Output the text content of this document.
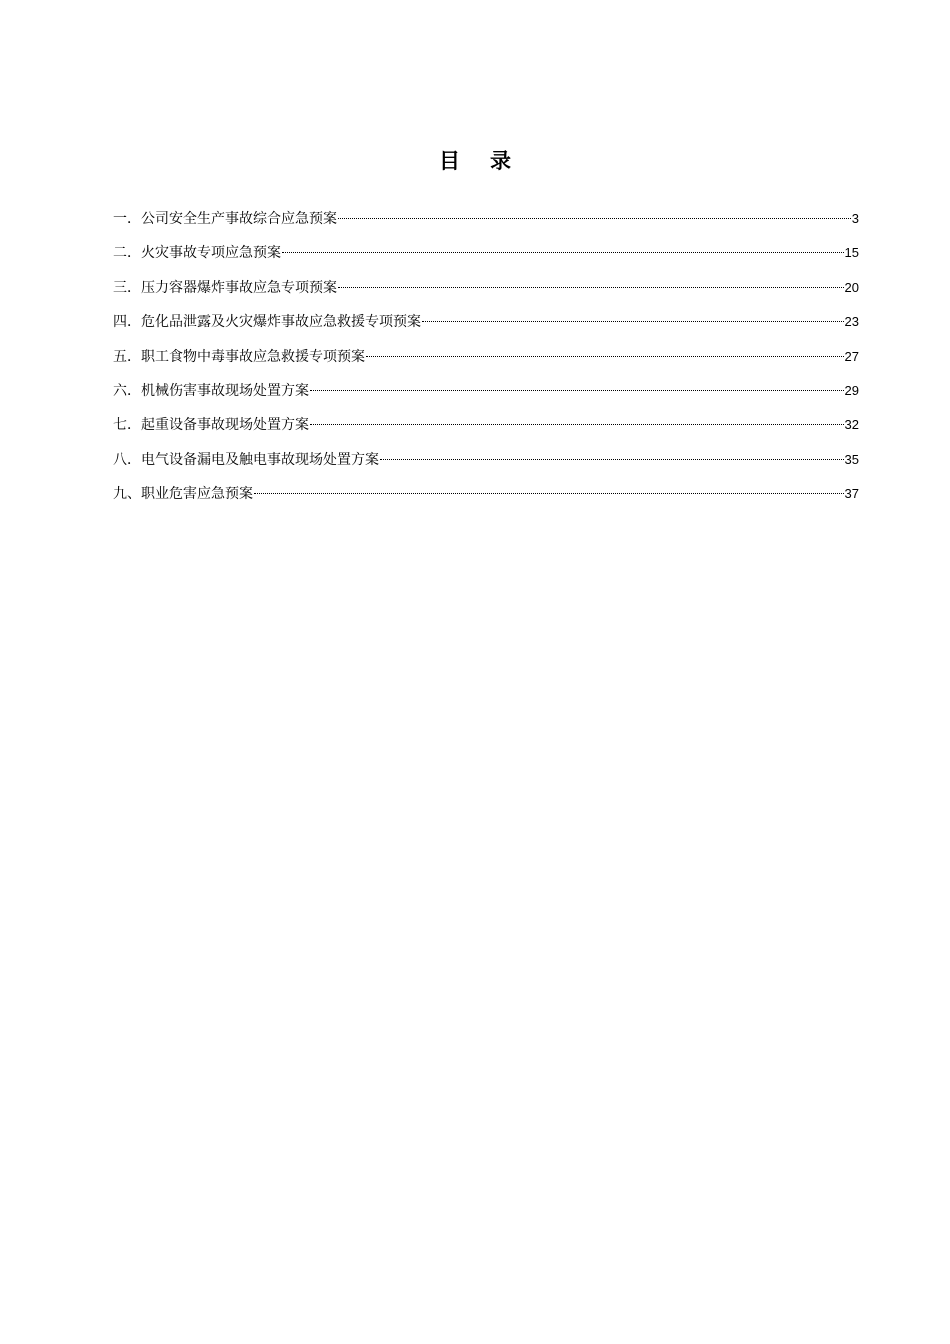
目录
一．公司安全生产事故综合应急预案	3
二．火灾事故专项应急预案	15
三．压力容器爆炸事故应急专项预案	20
四．危化品泄露及火灾爆炸事故应急救援专项预案	23
五．职工食物中毒事故应急救援专项预案	27
六．机械伤害事故现场处置方案	29
七．起重设备事故现场处置方案	32
八．电气设备漏电及触电事故现场处置方案	35
九、职业危害应急预案	37
